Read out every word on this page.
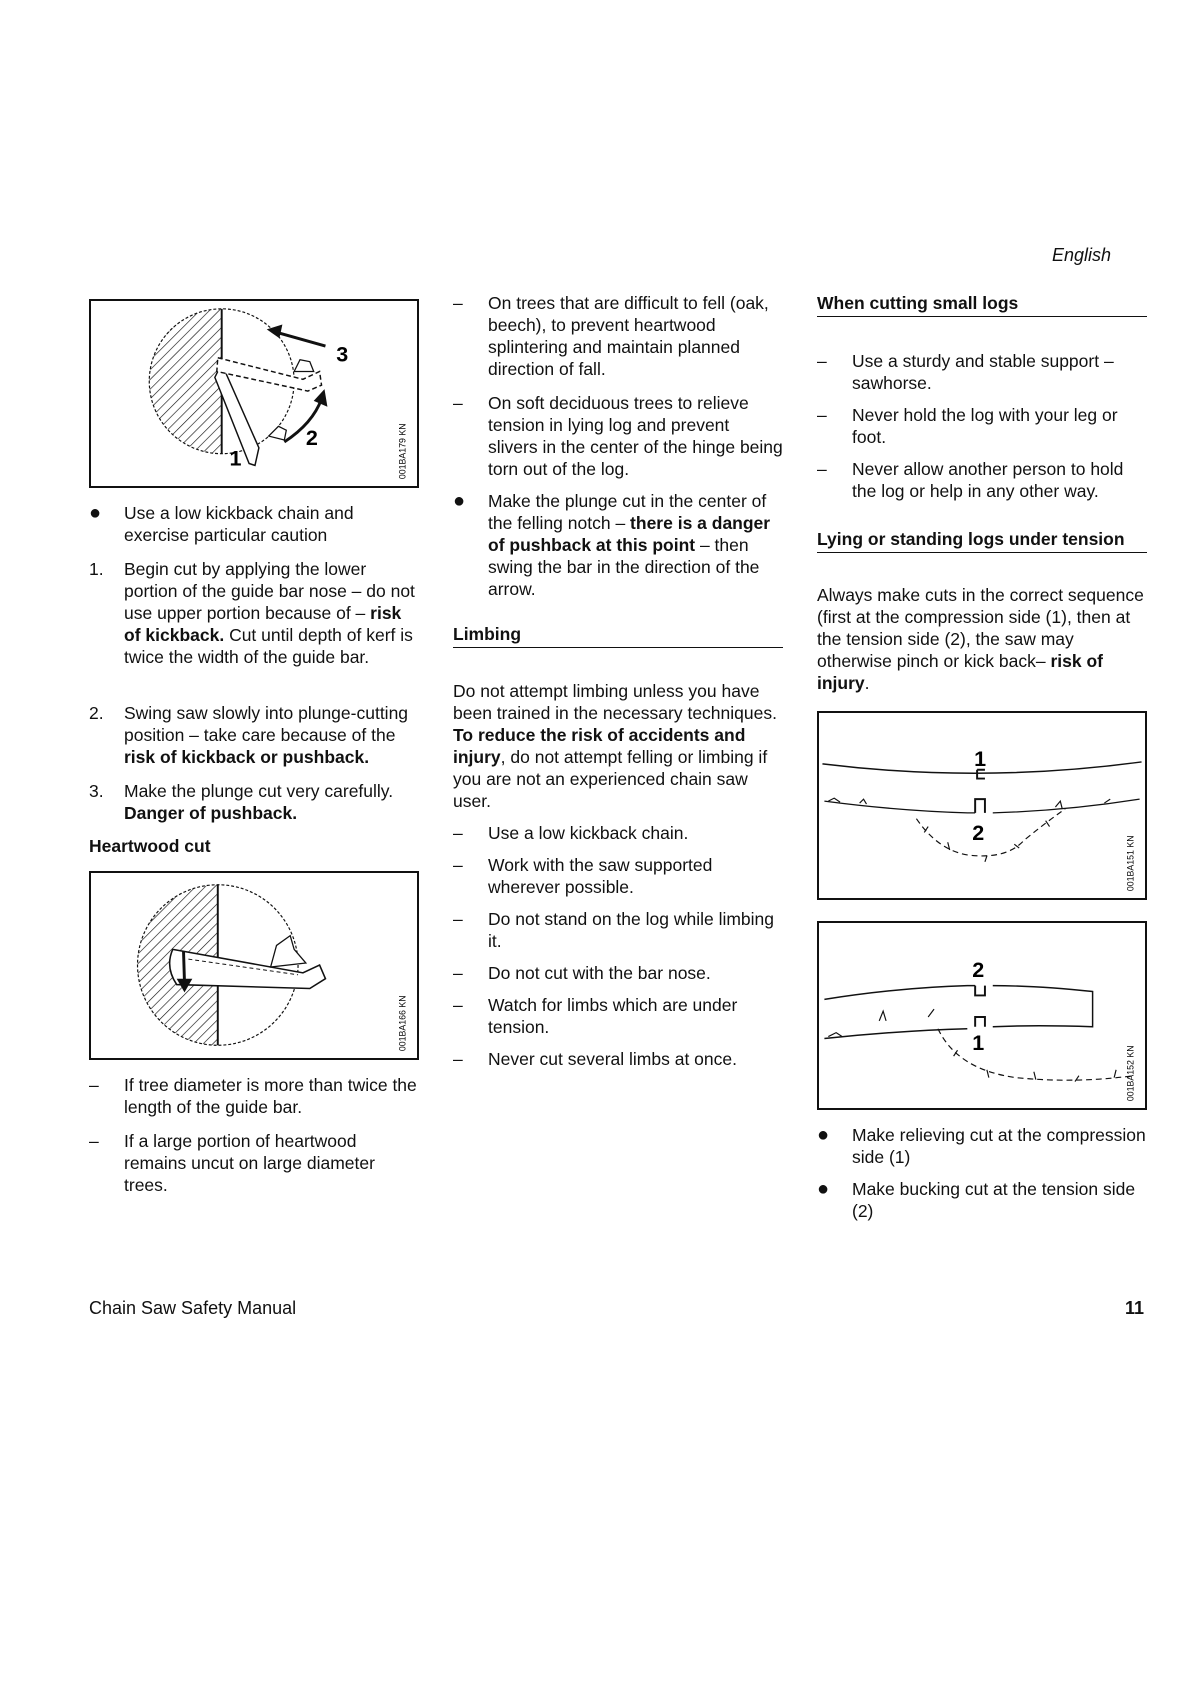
English
1
2
3
001BA179 KN
●	Use a low kickback chain and exercise particular caution
1.	Begin cut by applying the lower portion of the guide bar nose – do not use upper portion because of – risk of kickback. Cut until depth of kerf is twice the width of the guide bar.
2.	Swing saw slowly into plunge-cutting position – take care because of the risk of kickback or pushback.
3.	Make the plunge cut very carefully. Danger of pushback.
Heartwood cut
001BA166 KN
–	If tree diameter is more than twice the length of the guide bar.
–	If a large portion of heartwood remains uncut on large diameter trees.
–	On trees that are difficult to fell (oak, beech), to prevent heartwood splintering and maintain planned direction of fall.
–	On soft deciduous trees to relieve tension in lying log and prevent slivers in the center of the hinge being torn out of the log.
●	Make the plunge cut in the center of the felling notch – there is a danger of pushback at this point – then swing the bar in the direction of the arrow.
Limbing
Do not attempt limbing unless you have been trained in the necessary techniques. To reduce the risk of accidents and injury, do not attempt felling or limbing if you are not an experienced chain saw user.
–	Use a low kickback chain.
–	Work with the saw supported wherever possible.
–	Do not stand on the log while limbing it.
–	Do not cut with the bar nose.
–	Watch for limbs which are under tension.
–	Never cut several limbs at once.
When cutting small logs
–	Use a sturdy and stable support – sawhorse.
–	Never hold the log with your leg or foot.
–	Never allow another person to hold the log or help in any other way.
Lying or standing logs under tension
Always make cuts in the correct sequence (first at the compression side (1), then at the tension side (2), the saw may otherwise pinch or kick back– risk of injury.
1
2
001BA151 KN
2
1
001BA152 KN
●	Make relieving cut at the compression side (1)
●	Make bucking cut at the tension side (2)
Chain Saw Safety Manual	11
